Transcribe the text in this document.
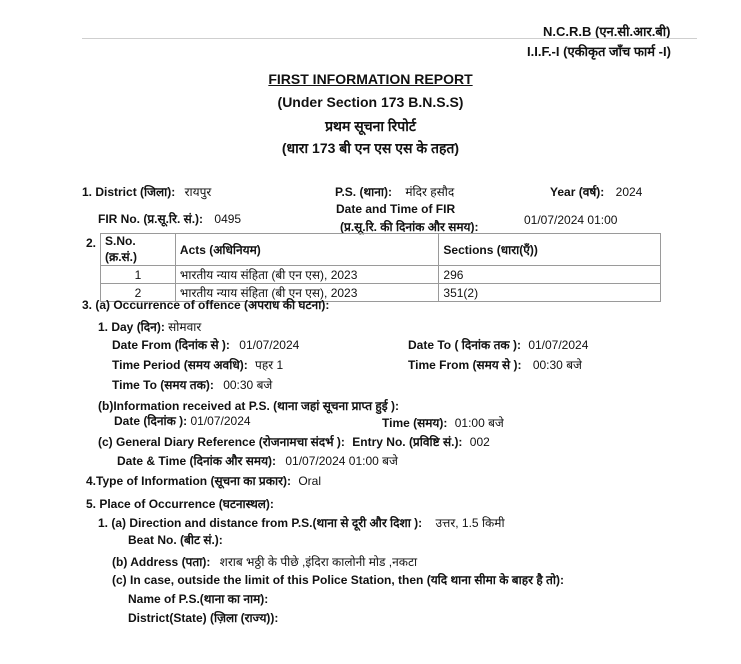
N.C.R.B (एन.सी.आर.बी)
I.I.F.-I (एकीकृत जाँच फार्म -I)
FIRST INFORMATION REPORT
(Under Section 173 B.N.S.S)
प्रथम सूचना रिपोर्ट
(धारा 173 बी एन एस एस के तहत)
1. District (जिला): रायपुर	P.S. (थाना): मंदिर हसौद	Year (वर्ष): 2024
FIR No. (प्र.सू.रि. सं.): 0495
Date and Time of FIR
(प्र.सू.रि. की दिनांक और समय):	01/07/2024 01:00
2. S.No. (क्र.सं.)	Acts (अधिनियम)	Sections (धारा(एँ))
1	भारतीय न्याय संहिता (बी एन एस), 2023	296
2	भारतीय न्याय संहिता (बी एन एस), 2023	351(2)
3. (a) Occurrence of offence (अपराध की घटना):
1. Day (दिन): सोमवार
Date From (दिनांक से ): 01/07/2024	Date To ( दिनांक तक ): 01/07/2024
Time Period (समय अवधि): पहर 1	Time From (समय से ): 00:30 बजे
Time To (समय तक): 00:30 बजे
(b)Information received at P.S. (थाना जहां सूचना प्राप्त हुई ):
Date (दिनांक ): 01/07/2024	Time (समय): 01:00 बजे
(c) General Diary Reference (रोजनामचा संदर्भ ): Entry No. (प्रविष्टि सं.): 002
Date & Time (दिनांक और समय): 01/07/2024 01:00 बजे
4.Type of Information (सूचना का प्रकार): Oral
5. Place of Occurrence (घटनास्थल):
1. (a) Direction and distance from P.S.(थाना से दूरी और दिशा ): उत्तर, 1.5 किमी
Beat No. (बीट सं.):
(b) Address (पता): शराब भठ्ठी के पीछे ,इंदिरा कालोनी मोड ,नकटा
(c) In case, outside the limit of this Police Station, then (यदि थाना सीमा के बाहर है तो):
Name of P.S.(थाना का नाम):
District(State) (ज़िला (राज्य)):
